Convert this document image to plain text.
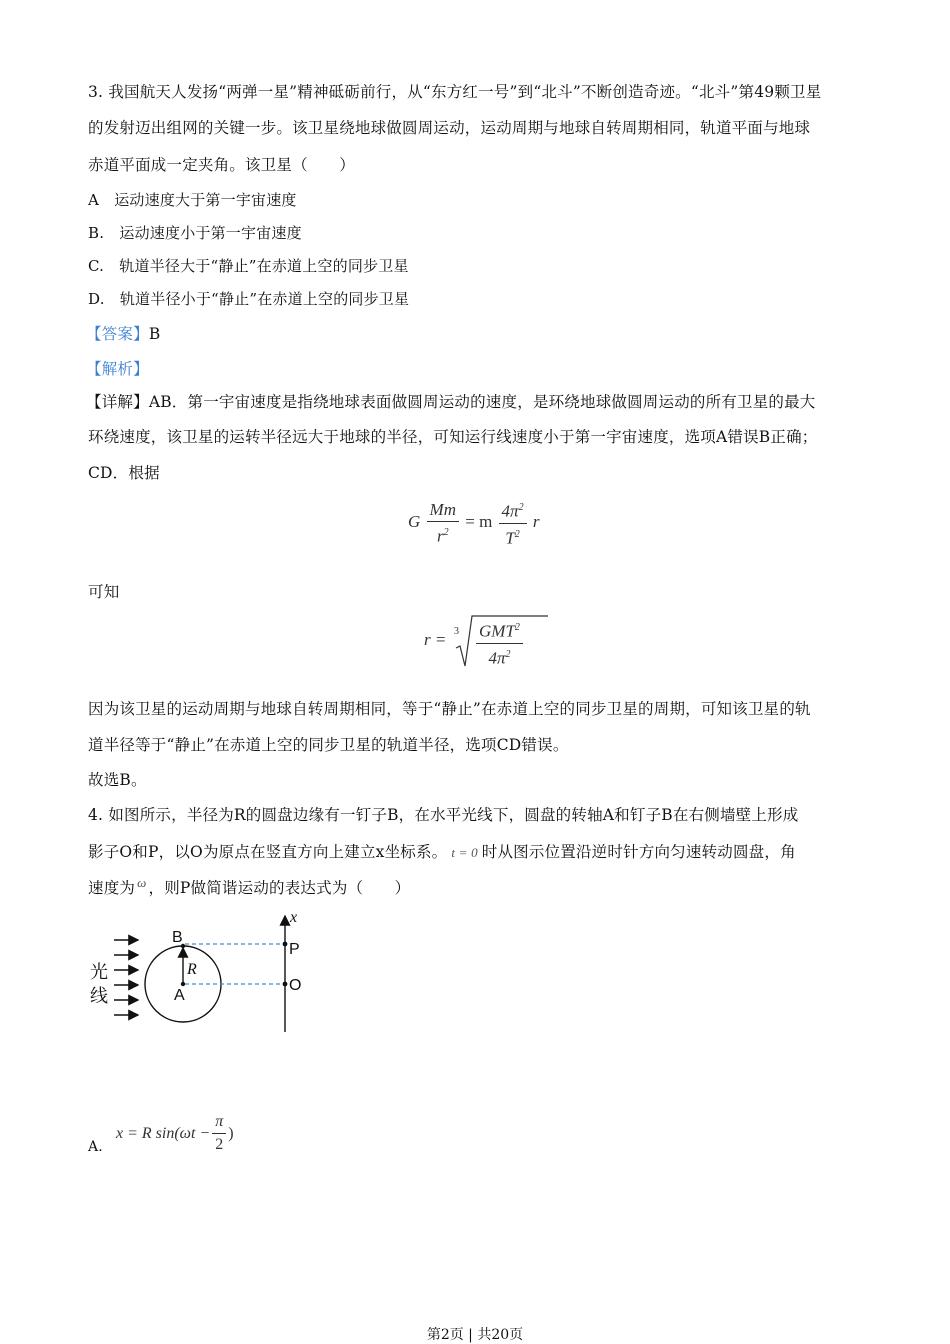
3. 我国航天人发扬“两弹一星”精神砥砺前行，从“东方红一号”到“北斗”不断创造奇迹。“北斗”第49颗卫星
的发射迈出组网的关键一步。该卫星绕地球做圆周运动，运动周期与地球自转周期相同，轨道平面与地球
赤道平面成一定夹角。该卫星（　　）
A　运动速度大于第一宇宙速度
B.　运动速度小于第一宇宙速度
C.　轨道半径大于“静止”在赤道上空的同步卫星
D.　轨道半径小于“静止”在赤道上空的同步卫星
【答案】B
【解析】
【详解】AB．第一宇宙速度是指绕地球表面做圆周运动的速度，是环绕地球做圆周运动的所有卫星的最大
环绕速度，该卫星的运转半径远大于地球的半径，可知运行线速度小于第一宇宙速度，选项A错误B正确；
CD．根据
G $\frac{Mm}{r^2} = m \frac{4\pi^2}{T^2}$ r
可知
r = 3 GMT$^2$
$4\pi^2$
因为该卫星的运动周期与地球自转周期相同，等于“静止”在赤道上空的同步卫星的周期，可知该卫星的轨
道半径等于“静止”在赤道上空的同步卫星的轨道半径，选项CD错误。
故选B。
4. 如图所示，半径为R的圆盘边缘有一钉子B，在水平光线下，圆盘的转轴A和钉子B在右侧墙壁上形成
影子O和P，以O为原点在竖直方向上建立x坐标系。 t = 0 时从图示位置沿逆时针方向匀速转动圆盘，角
速度为 $^\omega$ ，则P做简谐运动的表达式为（　　）
光
线
B
R
A
P
O
x
A.
x = R $\sin(\omega t - \frac{\pi}{2}$ )
第2页 | 共20页
